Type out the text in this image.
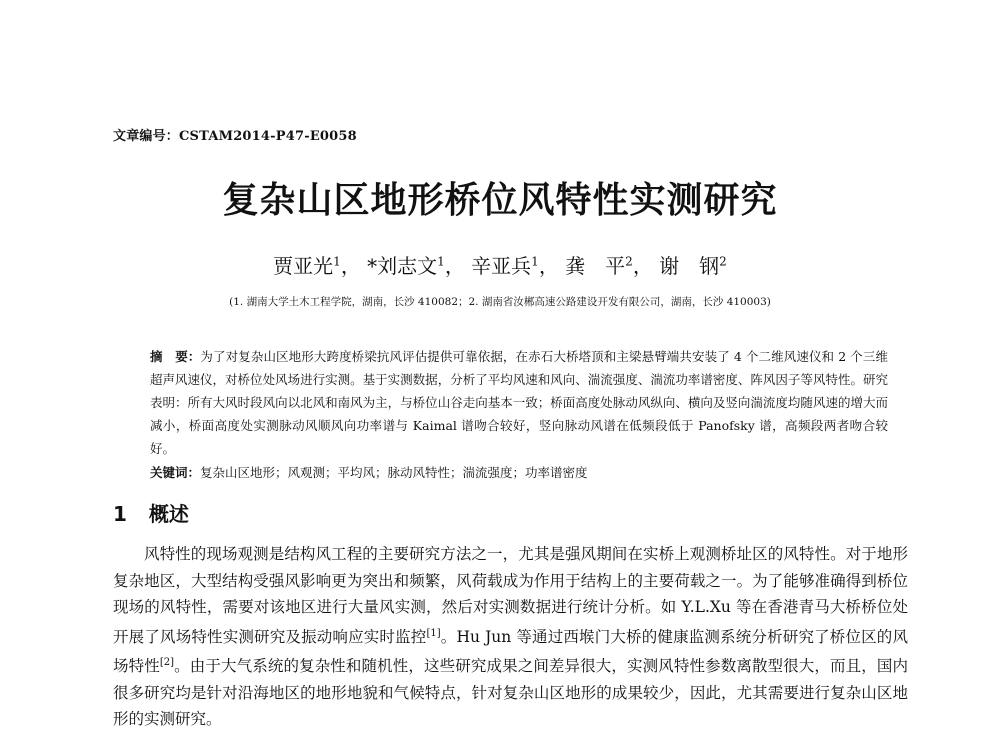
文章编号：CSTAM2014-P47-E0058
复杂山区地形桥位风特性实测研究
贾亚光$^1$， *刘志文$^1$， 辛亚兵$^1$， 龚　平$^2$， 谢　钢$^2$
(1. 湖南大学土木工程学院，湖南，长沙 410082；2. 湖南省汝郴高速公路建设开发有限公司，湖南，长沙 410003)
摘　要：为了对复杂山区地形大跨度桥梁抗风评估提供可靠依据，在赤石大桥塔顶和主梁悬臂端共安装了 4 个二维风速仪和 2 个三维超声风速仪，对桥位处风场进行实测。基于实测数据，分析了平均风速和风向、湍流强度、湍流功率谱密度、阵风因子等风特性。研究表明：所有大风时段风向以北风和南风为主，与桥位山谷走向基本一致；桥面高度处脉动风纵向、横向及竖向湍流度均随风速的增大而减小，桥面高度处实测脉动风顺风向功率谱与 Kaimal 谱吻合较好，竖向脉动风谱在低频段低于 Panofsky 谱，高频段两者吻合较好。
关键词：复杂山区地形；风观测；平均风；脉动风特性；湍流强度；功率谱密度
1 概述
风特性的现场观测是结构风工程的主要研究方法之一，尤其是强风期间在实桥上观测桥址区的风特性。对于地形复杂地区，大型结构受强风影响更为突出和频繁，风荷载成为作用于结构上的主要荷载之一。为了能够准确得到桥位现场的风特性，需要对该地区进行大量风实测，然后对实测数据进行统计分析。如 Y.L.Xu 等在香港青马大桥桥位处开展了风场特性实测研究及振动响应实时监控[1]。Hu Jun 等通过西堠门大桥的健康监测系统分析研究了桥位区的风场特性[2]。由于大气系统的复杂性和随机性，这些研究成果之间差异很大，实测风特性参数离散型很大，而且，国内很多研究均是针对沿海地区的地形地貌和气候特点，针对复杂山区地形的成果较少，因此，尤其需要进行复杂山区地形的实测研究。
